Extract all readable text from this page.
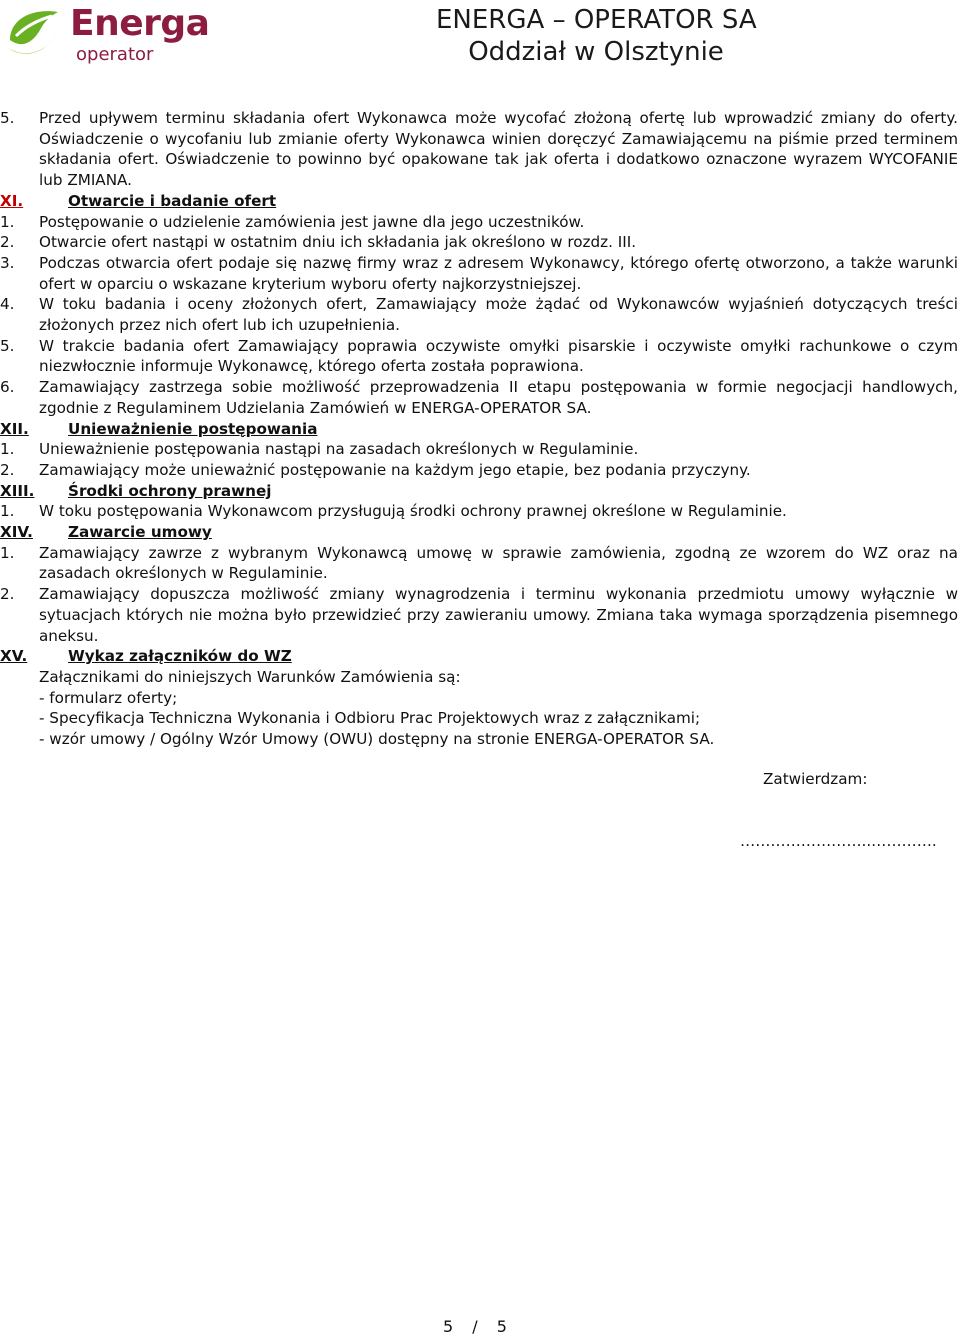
Energa
operator
ENERGA – OPERATOR SA
Oddział w Olsztynie
5.	Przed upływem terminu składania ofert Wykonawca może wycofać złożoną ofertę lub wprowadzić zmiany do oferty. Oświadczenie o wycofaniu lub zmianie oferty Wykonawca winien doręczyć Zamawiającemu na piśmie przed terminem składania ofert. Oświadczenie to powinno być opakowane tak jak oferta i dodatkowo oznaczone wyrazem WYCOFANIE lub ZMIANA.
XI.	Otwarcie i badanie ofert
1.	Postępowanie o udzielenie zamówienia jest jawne dla jego uczestników.
2.	Otwarcie ofert nastąpi w ostatnim dniu ich składania jak określono w rozdz. III.
3.	Podczas otwarcia ofert podaje się nazwę firmy wraz z adresem Wykonawcy, którego ofertę otworzono, a także warunki ofert w oparciu o wskazane kryterium wyboru oferty najkorzystniejszej.
4.	W toku badania i oceny złożonych ofert, Zamawiający może żądać od Wykonawców wyjaśnień dotyczących treści złożonych przez nich ofert lub ich uzupełnienia.
5.	W trakcie badania ofert Zamawiający poprawia oczywiste omyłki pisarskie i oczywiste omyłki rachunkowe o czym niezwłocznie informuje Wykonawcę, którego oferta została poprawiona.
6.	Zamawiający zastrzega sobie możliwość przeprowadzenia II etapu postępowania w formie negocjacji handlowych, zgodnie z Regulaminem Udzielania Zamówień w ENERGA-OPERATOR SA.
XII.	Unieważnienie postępowania
1.	Unieważnienie postępowania nastąpi na zasadach określonych w Regulaminie.
2.	Zamawiający może unieważnić postępowanie na każdym jego etapie, bez podania przyczyny.
XIII.	Środki ochrony prawnej
1.	W toku postępowania Wykonawcom przysługują środki ochrony prawnej określone w Regulaminie.
XIV.	Zawarcie umowy
1.	Zamawiający zawrze z wybranym Wykonawcą umowę w sprawie zamówienia, zgodną ze wzorem do WZ oraz na zasadach określonych w Regulaminie.
2.	Zamawiający dopuszcza możliwość zmiany wynagrodzenia i terminu wykonania przedmiotu umowy wyłącznie w sytuacjach których nie można było przewidzieć przy zawieraniu umowy. Zmiana taka wymaga sporządzenia pisemnego aneksu.
XV.	Wykaz załączników do WZ
Załącznikami do niniejszych Warunków Zamówienia są:
- formularz oferty;
- Specyfikacja Techniczna Wykonania i Odbioru Prac Projektowych wraz z załącznikami;
- wzór umowy / Ogólny Wzór Umowy (OWU) dostępny na stronie ENERGA-OPERATOR SA.
Zatwierdzam:
……………………..………….
5 / 5
